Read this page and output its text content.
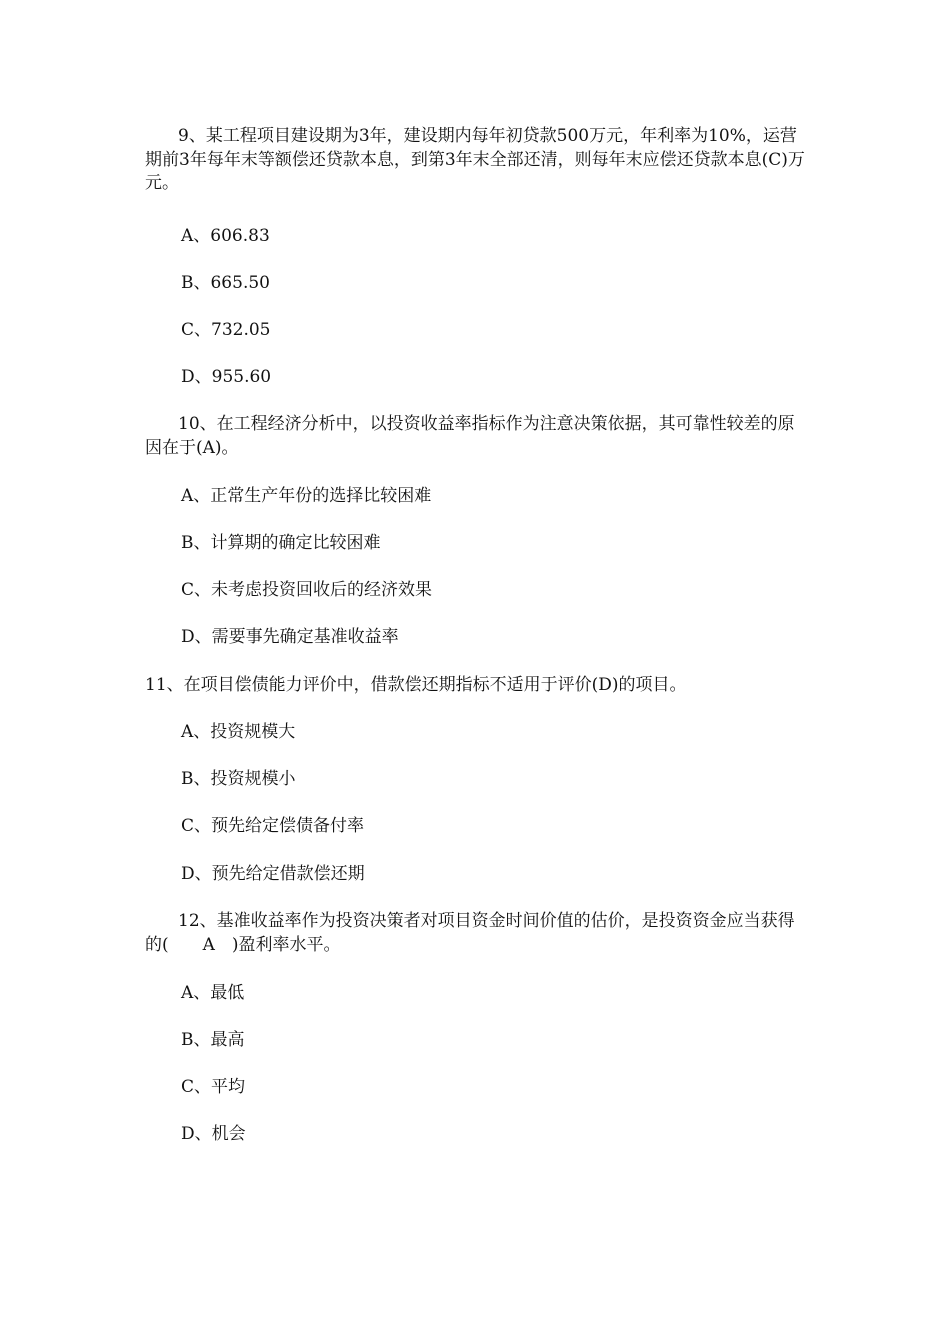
9、某工程项目建设期为3年，建设期内每年初贷款500万元，年利率为10%，运营期前3年每年末等额偿还贷款本息，到第3年末全部还清，则每年末应偿还贷款本息(C)万元。

A、606.83

B、665.50

C、732.05

D、955.60

10、在工程经济分析中，以投资收益率指标作为注意决策依据，其可靠性较差的原因在于(A)。

A、正常生产年份的选择比较困难

B、计算期的确定比较困难

C、未考虑投资回收后的经济效果

D、需要事先确定基准收益率

11、在项目偿债能力评价中，借款偿还期指标不适用于评价(D)的项目。

A、投资规模大

B、投资规模小

C、预先给定偿债备付率

D、预先给定借款偿还期

12、基准收益率作为投资决策者对项目资金时间价值的估价，是投资资金应当获得的(　　A　)盈利率水平。

A、最低

B、最高

C、平均

D、机会
